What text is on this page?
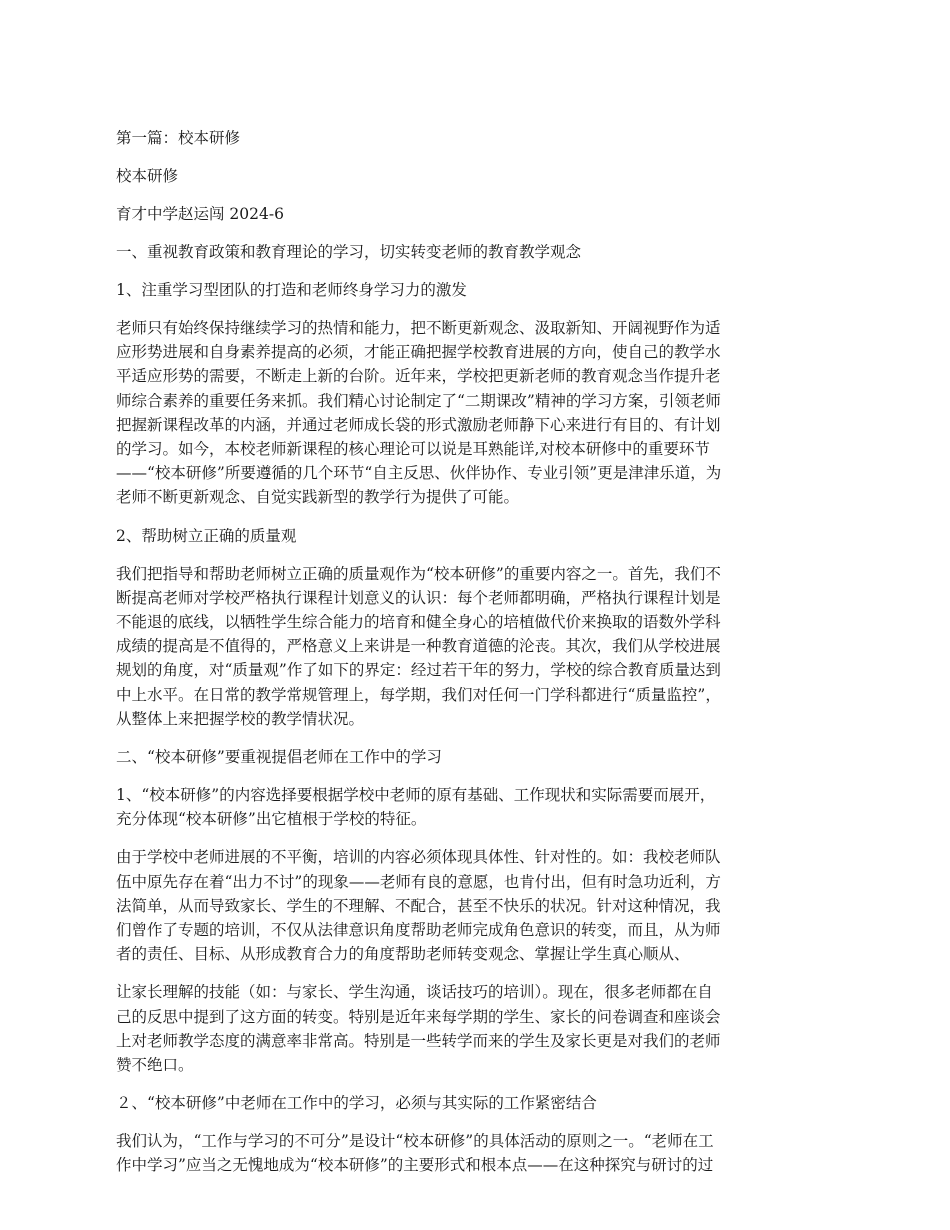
第一篇：校本研修
校本研修
育才中学赵运闯 2024-6
一、重视教育政策和教育理论的学习，切实转变老师的教育教学观念
1、注重学习型团队的打造和老师终身学习力的激发
老师只有始终保持继续学习的热情和能力，把不断更新观念、汲取新知、开阔视野作为适
应形势进展和自身素养提高的必须，才能正确把握学校教育进展的方向，使自己的教学水
平适应形势的需要，不断走上新的台阶。近年来，学校把更新老师的教育观念当作提升老
师综合素养的重要任务来抓。我们精心讨论制定了“二期课改”精神的学习方案，引领老师
把握新课程改革的内涵，并通过老师成长袋的形式激励老师静下心来进行有目的、有计划
的学习。如今，本校老师新课程的核心理论可以说是耳熟能详,对校本研修中的重要环节
——“校本研修”所要遵循的几个环节“自主反思、伙伴协作、专业引领”更是津津乐道，为
老师不断更新观念、自觉实践新型的教学行为提供了可能。
2、帮助树立正确的质量观
我们把指导和帮助老师树立正确的质量观作为“校本研修”的重要内容之一。首先，我们不
断提高老师对学校严格执行课程计划意义的认识：每个老师都明确，严格执行课程计划是
不能退的底线，以牺牲学生综合能力的培育和健全身心的培植做代价来换取的语数外学科
成绩的提高是不值得的，严格意义上来讲是一种教育道德的沦丧。其次，我们从学校进展
规划的角度，对“质量观”作了如下的界定：经过若干年的努力，学校的综合教育质量达到
中上水平。在日常的教学常规管理上，每学期，我们对任何一门学科都进行“质量监控”，
从整体上来把握学校的教学情状况。
二、“校本研修”要重视提倡老师在工作中的学习
1、“校本研修”的内容选择要根据学校中老师的原有基础、工作现状和实际需要而展开，
充分体现“校本研修”出它植根于学校的特征。
由于学校中老师进展的不平衡，培训的内容必须体现具体性、针对性的。如：我校老师队
伍中原先存在着“出力不讨”的现象——老师有良的意愿，也肯付出，但有时急功近利，方
法简单，从而导致家长、学生的不理解、不配合，甚至不快乐的状况。针对这种情况，我
们曾作了专题的培训，不仅从法律意识角度帮助老师完成角色意识的转变，而且，从为师
者的责任、目标、从形成教育合力的角度帮助老师转变观念、掌握让学生真心顺从、
让家长理解的技能（如：与家长、学生沟通，谈话技巧的培训）。现在，很多老师都在自
己的反思中提到了这方面的转变。特别是近年来每学期的学生、家长的问卷调查和座谈会
上对老师教学态度的满意率非常高。特别是一些转学而来的学生及家长更是对我们的老师
赞不绝口。
２、“校本研修”中老师在工作中的学习，必须与其实际的工作紧密结合
我们认为，“工作与学习的不可分”是设计“校本研修”的具体活动的原则之一。“老师在工
作中学习”应当之无愧地成为“校本研修”的主要形式和根本点——在这种探究与研讨的过
